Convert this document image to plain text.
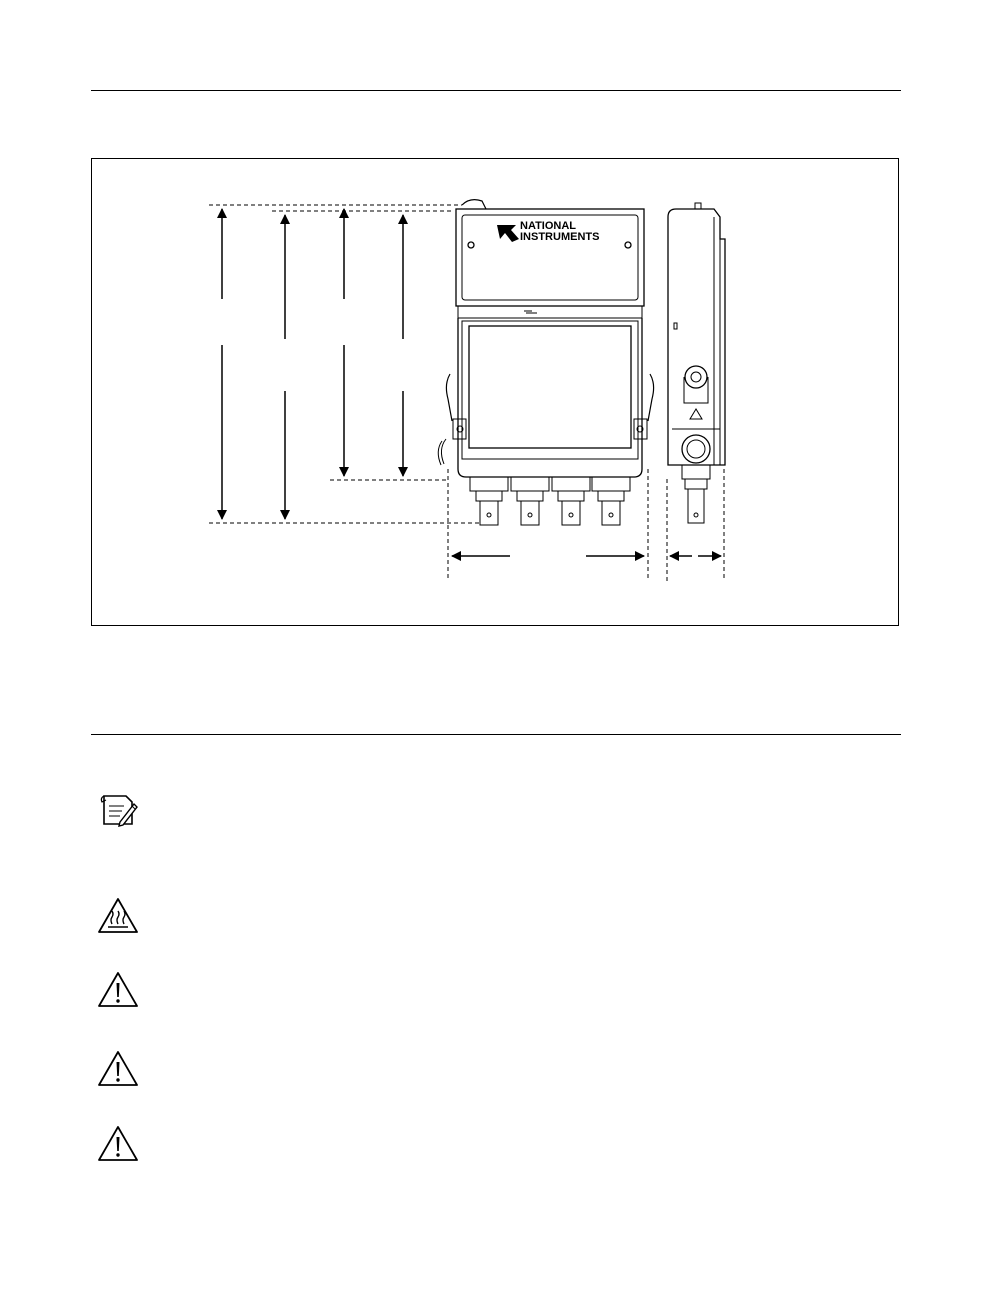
NATIONAL
INSTRUMENTS
